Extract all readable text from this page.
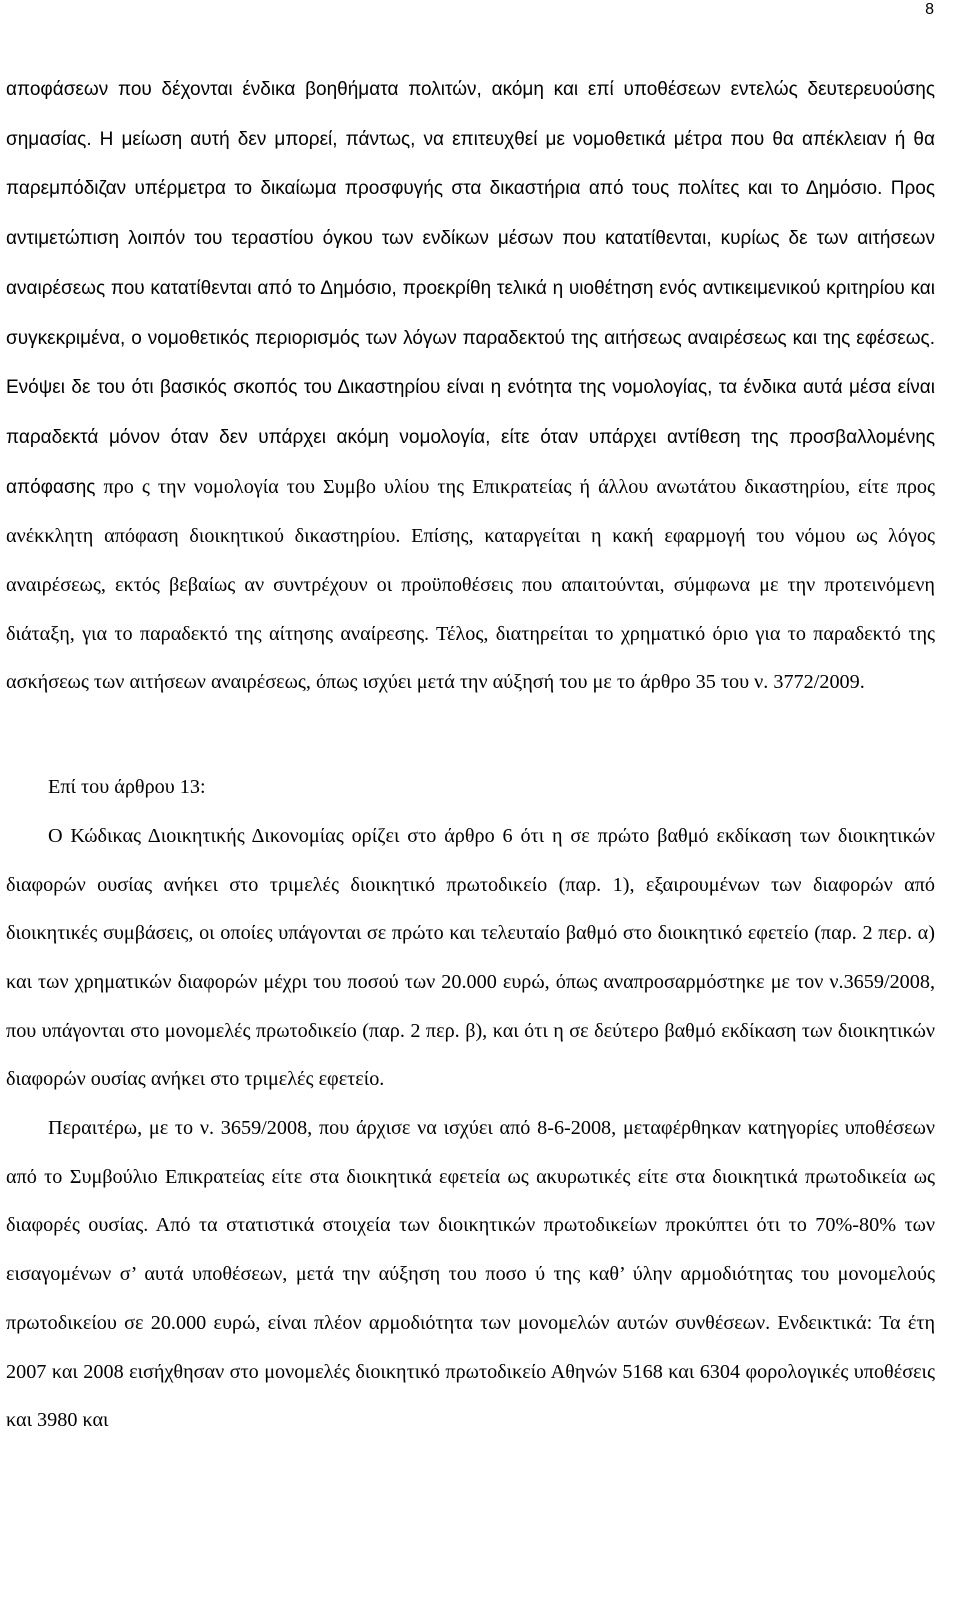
8

αποφάσεων που δέχονται ένδικα βοηθήματα πολιτών, ακόμη και επί υποθέσεων εντελώς δευτερευούσης σημασίας. Η μείωση αυτή δεν μπορεί, πάντως, να επιτευχθεί με νομοθετικά μέτρα που θα απέκλειαν ή θα παρεμπόδιζαν υπέρμετρα το δικαίωμα προσφυγής στα δικαστήρια από τους πολίτες και το Δημόσιο. Προς αντιμετώπιση λοιπόν του τεραστίου όγκου των ενδίκων μέσων που κατατίθενται, κυρίως δε των αιτήσεων αναιρέσεως που κατατίθενται από το Δημόσιο, προεκρίθη τελικά η υιοθέτηση ενός αντικειμενικού κριτηρίου και συγκεκριμένα, ο νομοθετικός περιορισμός των λόγων παραδεκτού της αιτήσεως αναιρέσεως και της εφέσεως. Ενόψει δε του ότι βασικός σκοπός του Δικαστηρίου είναι η ενότητα της νομολογίας, τα ένδικα αυτά μέσα είναι παραδεκτά μόνον όταν δεν υπάρχει ακόμη νομολογία, είτε όταν υπάρχει αντίθεση της προσβαλλομένης απόφασης προ ς την νομολογία του Συμβο υλίου της Επικρατείας ή άλλου ανωτάτου δικαστηρίου, είτε προς ανέκκλητη απόφαση διοικητικού δικαστηρίου. Επίσης, καταργείται η κακή εφαρμογή του νόμου ως λόγος αναιρέσεως, εκτός βεβαίως αν συντρέχουν οι προϋποθέσεις που απαιτούνται, σύμφωνα με την προτεινόμενη διάταξη, για το παραδεκτό της αίτησης αναίρεσης. Τέλος, διατηρείται το χρηματικό όριο για το παραδεκτό της ασκήσεως των αιτήσεων αναιρέσεως, όπως ισχύει μετά την αύξησή του με το άρθρο 35 του ν. 3772/2009.

Επί του άρθρου 13:

Ο Κώδικας Διοικητικής Δικονομίας ορίζει στο άρθρο 6 ότι η σε πρώτο βαθμό εκδίκαση των διοικητικών διαφορών ουσίας ανήκει στο τριμελές διοικητικό πρωτοδικείο (παρ. 1), εξαιρουμένων των διαφορών από διοικητικές συμβάσεις, οι οποίες υπάγονται σε πρώτο και τελευταίο βαθμό στο διοικητικό εφετείο (παρ. 2 περ. α) και των χρηματικών διαφορών μέχρι του ποσού των 20.000 ευρώ, όπως αναπροσαρμόστηκε με τον ν.3659/2008, που υπάγονται στο μονομελές πρωτοδικείο (παρ. 2 περ. β), και ότι η σε δεύτερο βαθμό εκδίκαση των διοικητικών διαφορών ουσίας ανήκει στο τριμελές εφετείο.

Περαιτέρω, με το ν. 3659/2008, που άρχισε να ισχύει από 8-6-2008, μεταφέρθηκαν κατηγορίες υποθέσεων από το Συμβούλιο Επικρατείας είτε στα διοικητικά εφετεία ως ακυρωτικές είτε στα διοικητικά πρωτοδικεία ως διαφορές ουσίας. Από τα στατιστικά στοιχεία των διοικητικών πρωτοδικείων προκύπτει ότι το 70%-80% των εισαγομένων σ’ αυτά υποθέσεων, μετά την αύξηση του ποσο ύ της καθ’ ύλην αρμοδιότητας του μονομελούς πρωτοδικείου σε 20.000 ευρώ, είναι πλέον αρμοδιότητα των μονομελών αυτών συνθέσεων. Ενδεικτικά: Τα έτη 2007 και 2008 εισήχθησαν στο μονομελές διοικητικό πρωτοδικείο Αθηνών 5168 και 6304 φορολογικές υποθέσεις και 3980 και
